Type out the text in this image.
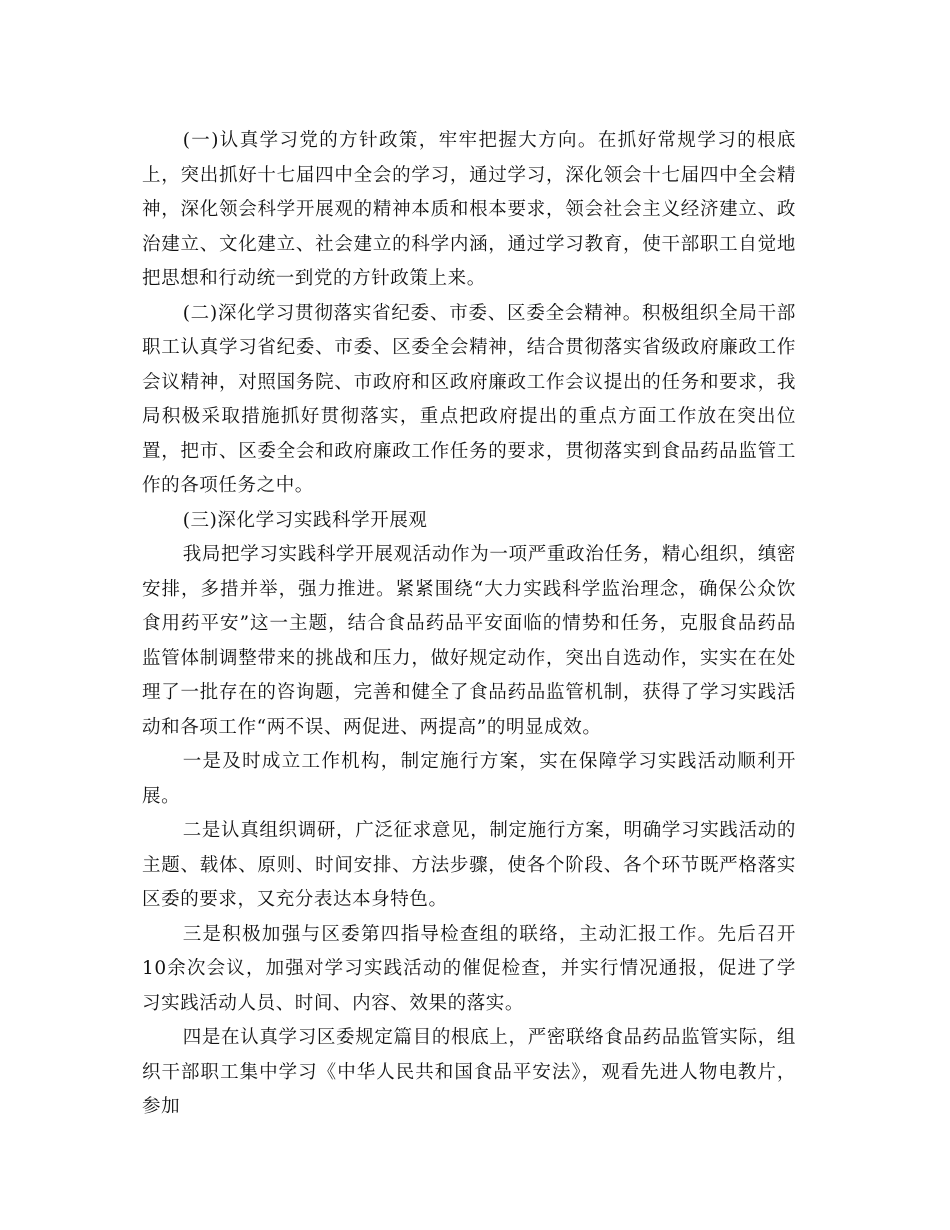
(一)认真学习党的方针政策，牢牢把握大方向。在抓好常规学习的根底上，突出抓好十七届四中全会的学习，通过学习，深化领会十七届四中全会精神，深化领会科学开展观的精神本质和根本要求，领会社会主义经济建立、政治建立、文化建立、社会建立的科学内涵，通过学习教育，使干部职工自觉地把思想和行动统一到党的方针政策上来。

(二)深化学习贯彻落实省纪委、市委、区委全会精神。积极组织全局干部职工认真学习省纪委、市委、区委全会精神，结合贯彻落实省级政府廉政工作会议精神，对照国务院、市政府和区政府廉政工作会议提出的任务和要求，我局积极采取措施抓好贯彻落实，重点把政府提出的重点方面工作放在突出位置，把市、区委全会和政府廉政工作任务的要求，贯彻落实到食品药品监管工作的各项任务之中。

(三)深化学习实践科学开展观

我局把学习实践科学开展观活动作为一项严重政治任务，精心组织，缜密安排，多措并举，强力推进。紧紧围绕“大力实践科学监治理念，确保公众饮食用药平安”这一主题，结合食品药品平安面临的情势和任务，克服食品药品监管体制调整带来的挑战和压力，做好规定动作，突出自选动作，实实在在处理了一批存在的咨询题，完善和健全了食品药品监管机制，获得了学习实践活动和各项工作“两不误、两促进、两提高”的明显成效。

一是及时成立工作机构，制定施行方案，实在保障学习实践活动顺利开展。

二是认真组织调研，广泛征求意见，制定施行方案，明确学习实践活动的主题、载体、原则、时间安排、方法步骤，使各个阶段、各个环节既严格落实区委的要求，又充分表达本身特色。

三是积极加强与区委第四指导检查组的联络，主动汇报工作。先后召开10余次会议，加强对学习实践活动的催促检查，并实行情况通报，促进了学习实践活动人员、时间、内容、效果的落实。

四是在认真学习区委规定篇目的根底上，严密联络食品药品监管实际，组织干部职工集中学习《中华人民共和国食品平安法》，观看先进人物电教片，参加
